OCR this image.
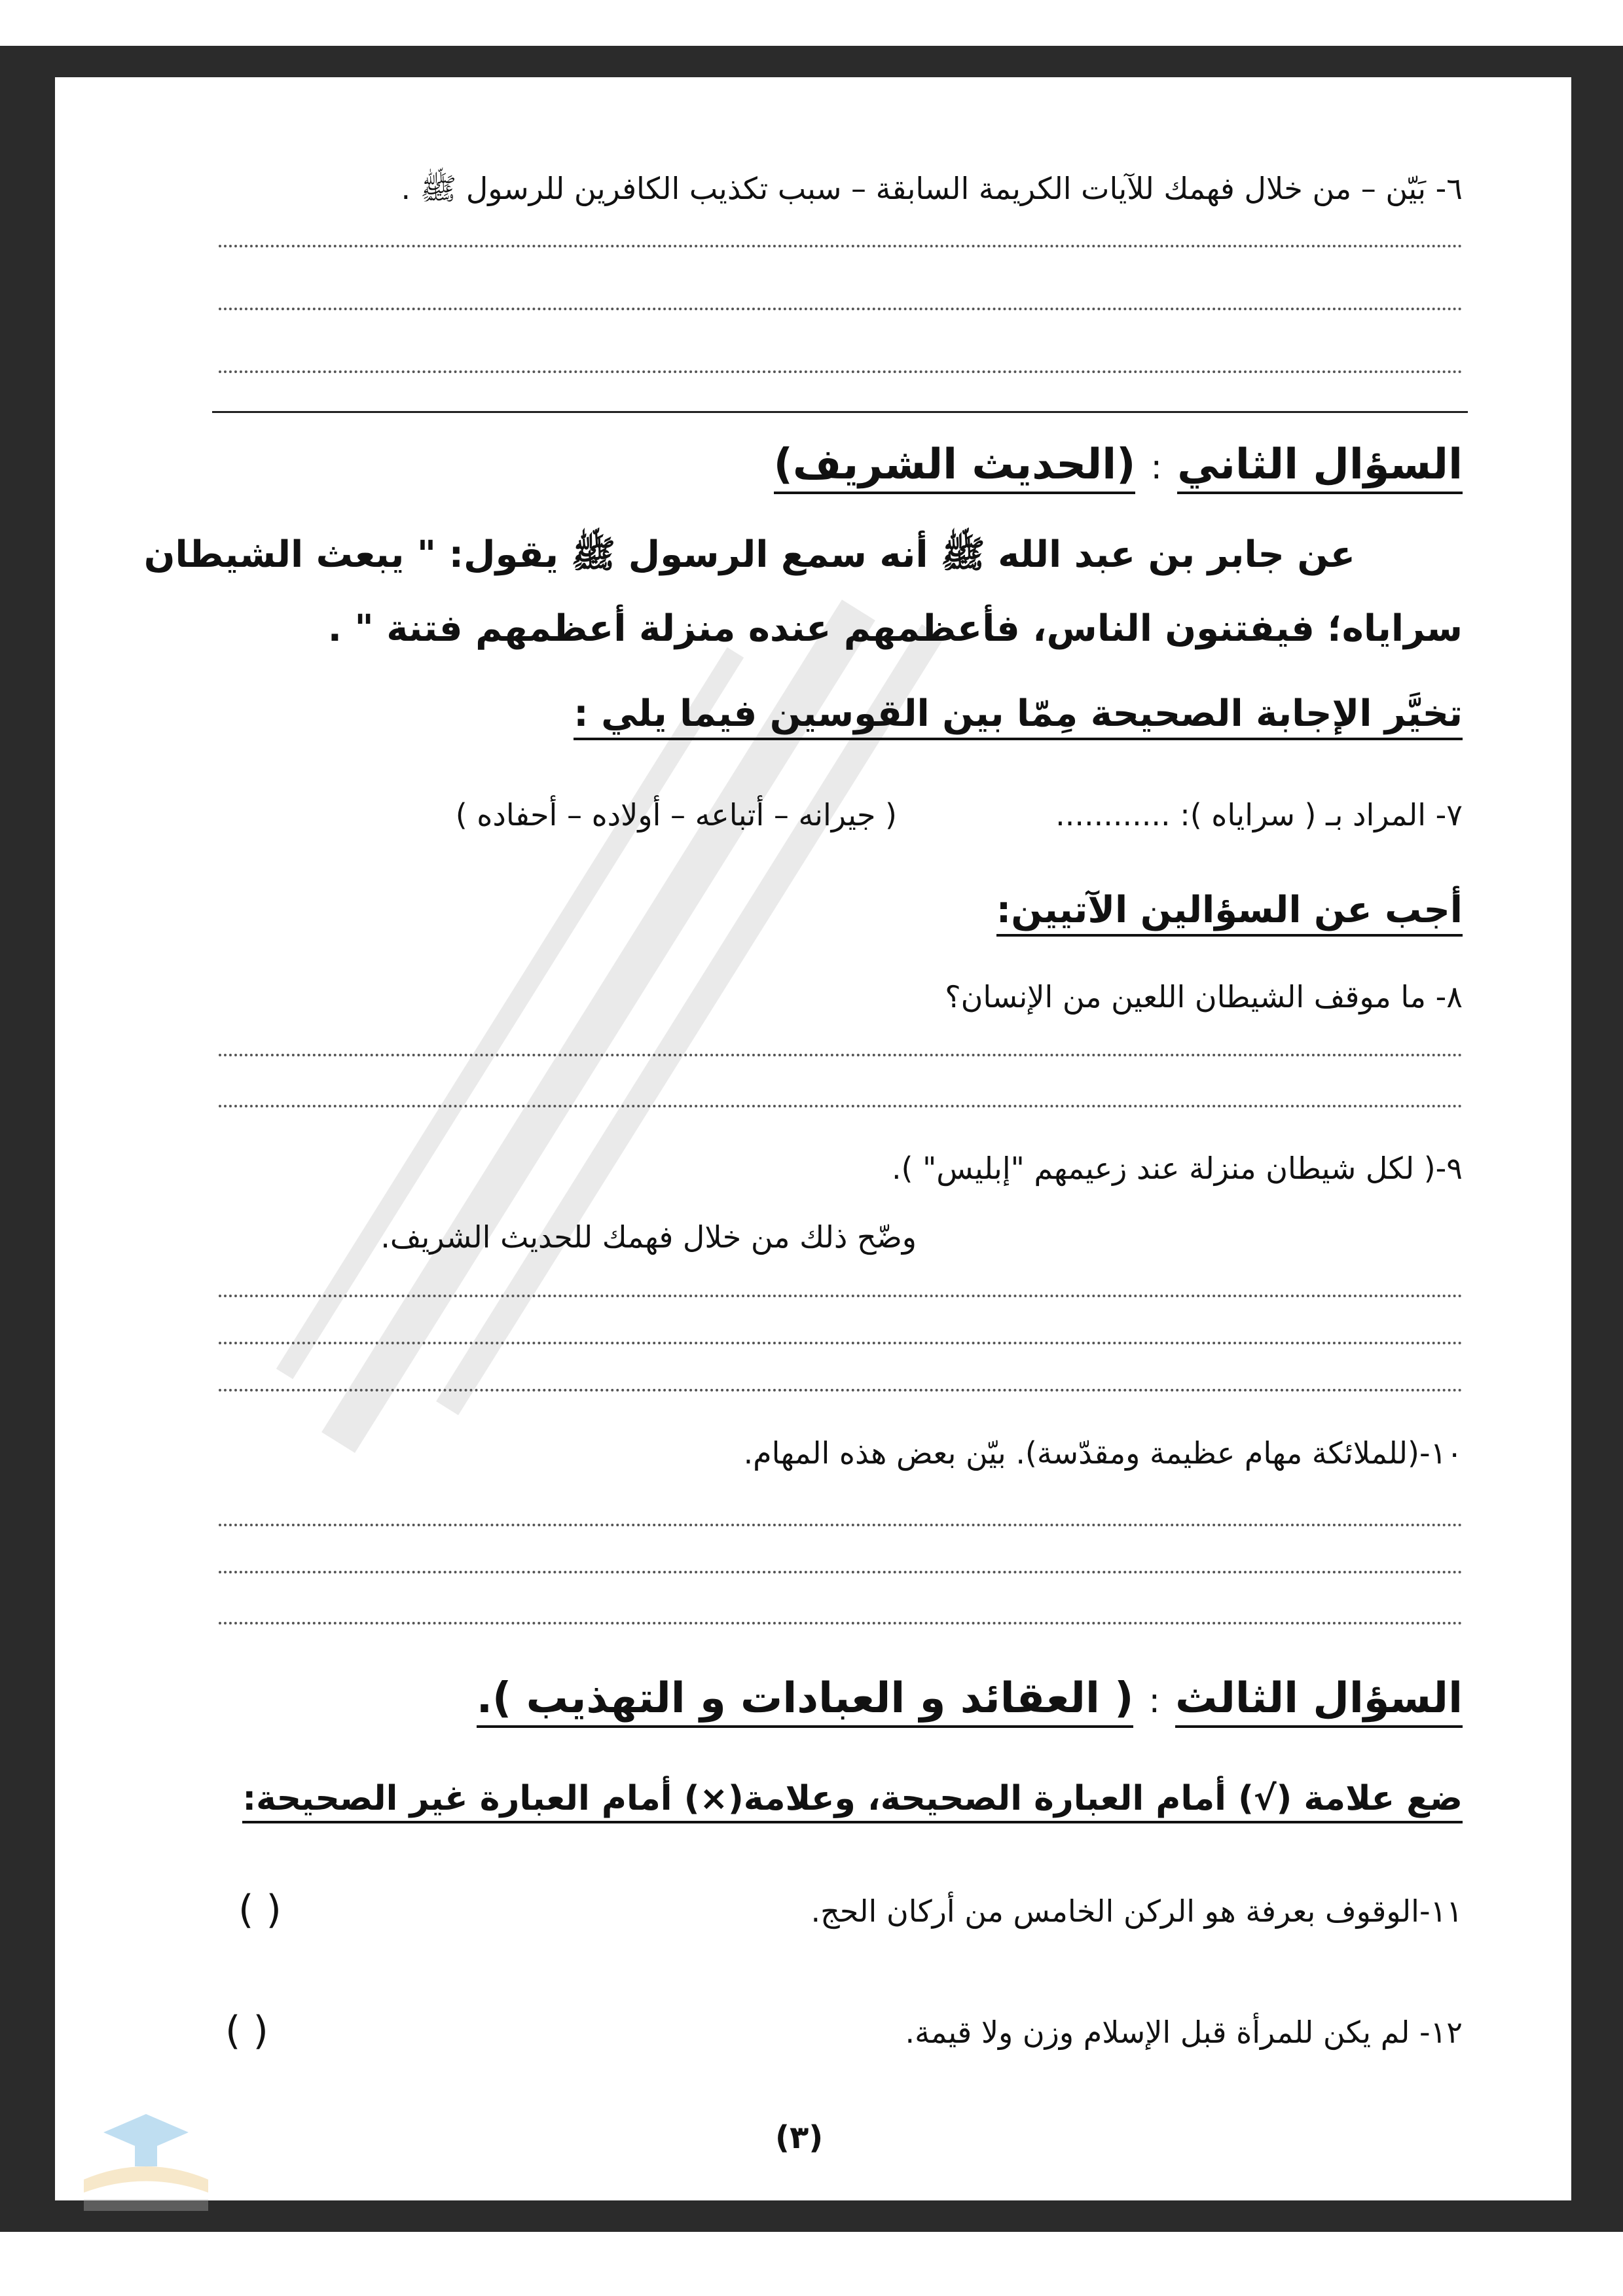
٦- بَيّن – من خلال فهمك للآيات الكريمة السابقة – سبب تكذيب الكافرين للرسول ﷺ .
السؤال الثاني : (الحديث الشريف)
عن جابر بن عبد الله ﷺ أنه سمع الرسول ﷺ يقول: " يبعث الشيطان
سراياه؛ فيفتنون الناس، فأعظمهم عنده منزلة أعظمهم فتنة " .
تخيَّر الإجابة الصحيحة مِمّا بين القوسين فيما يلي :
٧- المراد بـ ( سراياه ): ............
( جيرانه – أتباعه – أولاده – أحفاده )
أجب عن السؤالين الآتيين:
٨- ما موقف الشيطان اللعين من الإنسان؟
٩-( لكل شيطان منزلة عند زعيمهم "إبليس" ).
وضّح ذلك من خلال فهمك للحديث الشريف.
١٠-(للملائكة مهام عظيمة ومقدّسة). بيّن بعض هذه المهام.
السؤال الثالث : ( العقائد و العبادات و التهذيب ).
ضع علامة (√) أمام العبارة الصحيحة، وعلامة(×) أمام العبارة غير الصحيحة:
١١-الوقوف بعرفة هو الركن الخامس من أركان الحج.
( )
١٢- لم يكن للمرأة قبل الإسلام وزن ولا قيمة.
( )
(٣)
